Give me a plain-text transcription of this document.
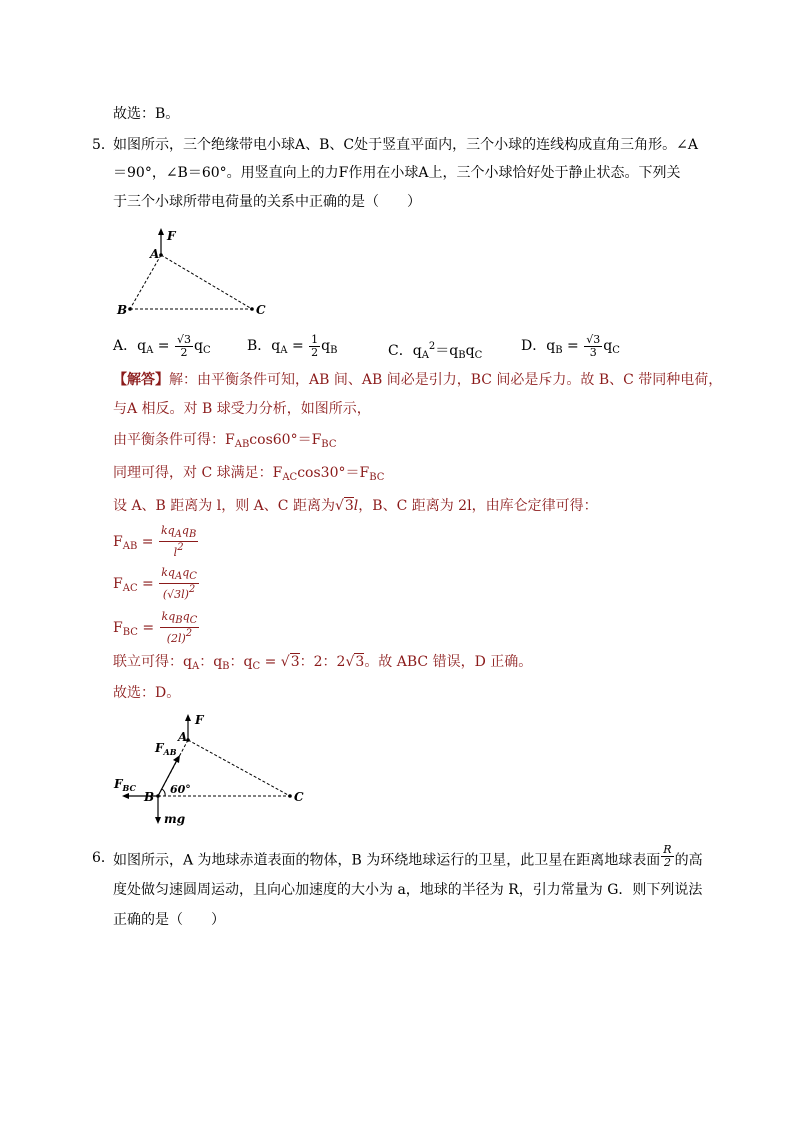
故选：B。
5．
如图所示，三个绝缘带电小球A、B、C处于竖直平面内，三个小球的连线构成直角三角形。∠A
＝90°，∠B＝60°。用竖直向上的力F作用在小球A上，三个小球恰好处于静止状态。下列关
于三个小球所带电荷量的关系中正确的是（　　）
F
A
B	C
A．$q_A = \frac{√3}{2} q_C$	B．$q_A = \frac{1}{2} q_B$	C．$q_A^2=q_Bq_C$
D．$q_B = \frac{√3}{3} q_C$
【解答】解：由平衡条件可知，AB 间、AB 间必是引力，BC 间必是斥力。故 B、C 带同种电荷，
与A 相反。对 B 球受力分析，如图所示，
由平衡条件可得：$F_{AB}\cos 60^\circ=F_{BC}$
同理可得，对 C 球满足：$F_{AC}\cos 30^\circ=F_{BC}$
设 A、B 距离为 l，则 A、C 距离为√3l，B、C 距离为 2l，由库仑定律可得：
$F_{AB} = \frac{\text{kqAqB}}{l2}$
$F_{AC} = \frac{\text{kqAqC}}{(√3l)2}$
$F_{BC} = \frac{\text{kqBqC}}{(2l)2}$
联立可得：$q_A$：$q_B$：$q_C = √3$：2：2√3。故 ABC 错误，D 正确。
故选：D。
F
A
$F_{AB}$
$F_{BC}$
B
60°
C
mg
6．
如图所示，A 为地球赤道表面的物体，B 为环绕地球运行的卫星，此卫星在距离地球表面 $\frac{R}{2}$ 的高
度处做匀速圆周运动，且向心加速度的大小为 a，地球的半径为 R，引力常量为 G．则下列说法
正确的是（　　）
